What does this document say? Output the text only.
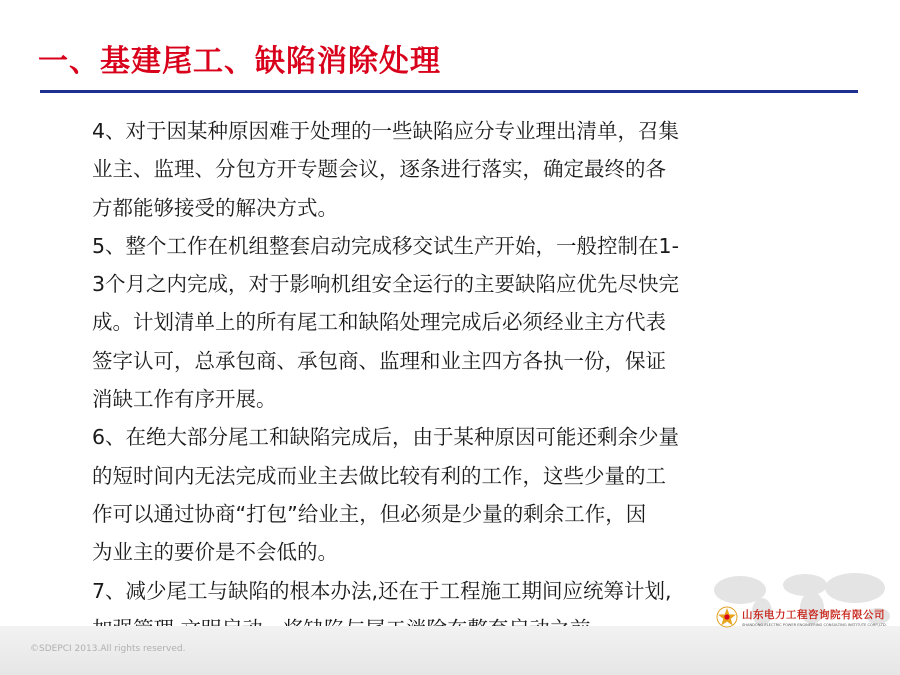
一、基建尾工、缺陷消除处理
4、对于因某种原因难于处理的一些缺陷应分专业理出清单，召集
业主、监理、分包方开专题会议，逐条进行落实，确定最终的各
方都能够接受的解决方式。
5、整个工作在机组整套启动完成移交试生产开始，一般控制在1-
3个月之内完成，对于影响机组安全运行的主要缺陷应优先尽快完
成。计划清单上的所有尾工和缺陷处理完成后必须经业主方代表
签字认可，总承包商、承包商、监理和业主四方各执一份，保证
消缺工作有序开展。
6、在绝大部分尾工和缺陷完成后，由于某种原因可能还剩余少量
的短时间内无法完成而业主去做比较有利的工作，这些少量的工
作可以通过协商“打包”给业主，但必须是少量的剩余工作，因
为业主的要价是不会低的。
7、减少尾工与缺陷的根本办法,还在于工程施工期间应统筹计划,
©SDEPCI 2013.All rights reserved.
山东电力工程咨询院有限公司
SHANDONG ELECTRIC POWER ENGINEERING CONSULTING INSTITUTE CORP.,LTD.
